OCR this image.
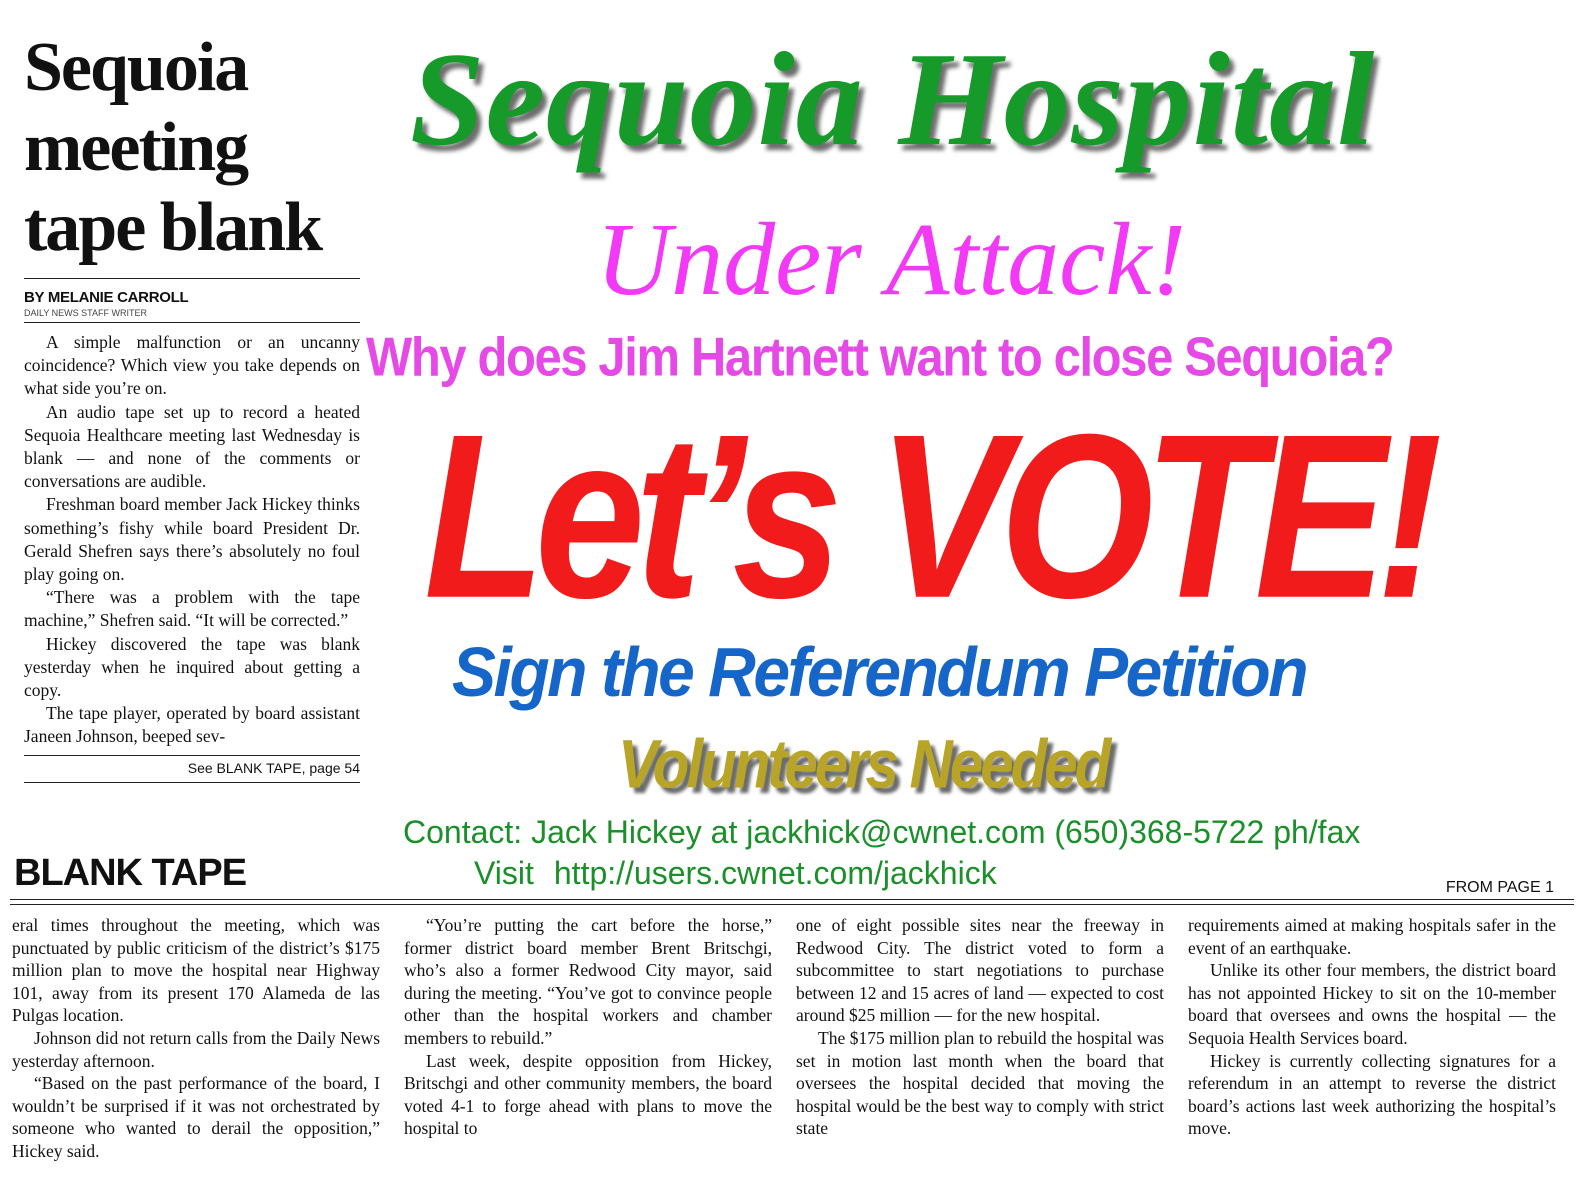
Sequoia
meeting
tape blank
BY MELANIE CARROLL
DAILY NEWS STAFF WRITER

A simple malfunction or an uncanny coincidence? Which view you take depends on what side you’re on.

An audio tape set up to record a heated Sequoia Healthcare meeting last Wednesday is blank — and none of the comments or conversations are audible.

Freshman board member Jack Hickey thinks something’s fishy while board President Dr. Gerald Shefren says there’s absolutely no foul play going on.

“There was a problem with the tape machine,” Shefren said. “It will be corrected.”

Hickey discovered the tape was blank yesterday when he inquired about getting a copy.

The tape player, operated by board assistant Janeen Johnson, beeped sev-

See BLANK TAPE, page 54
BLANK TAPE	FROM PAGE 1

eral times throughout the meeting, which was punctuated by public criticism of the district’s $175 million plan to move the hospital near Highway 101, away from its present 170 Alameda de las Pulgas location.

Johnson did not return calls from the Daily News yesterday afternoon.

“Based on the past performance of the board, I wouldn’t be surprised if it was not orchestrated by someone who wanted to derail the opposition,” Hickey said.

“You’re putting the cart before the horse,” former district board member Brent Britschgi, who’s also a former Redwood City mayor, said during the meeting. “You’ve got to convince people other than the hospital workers and chamber members to rebuild.”

Last week, despite opposition from Hickey, Britschgi and other community members, the board voted 4-1 to forge ahead with plans to move the hospital to

one of eight possible sites near the freeway in Redwood City. The district voted to form a subcommittee to start negotiations to purchase between 12 and 15 acres of land — expected to cost around $25 million — for the new hospital.

The $175 million plan to rebuild the hospital was set in motion last month when the board that oversees the hospital decided that moving the hospital would be the best way to comply with strict state

requirements aimed at making hospitals safer in the event of an earthquake.

Unlike its other four members, the district board has not appointed Hickey to sit on the 10-member board that oversees and owns the hospital — the Sequoia Health Services board.

Hickey is currently collecting signatures for a referendum in an attempt to reverse the district board’s actions last week authorizing the hospital’s move.

Sequoia Hospital
Under Attack!
Why does Jim Hartnett want to close Sequoia?
Let’s VOTE!
Sign the Referendum Petition
Volunteers Needed
Contact: Jack Hickey at jackhick@cwnet.com (650)368-5722 ph/fax
Visit http://users.cwnet.com/jackhick
